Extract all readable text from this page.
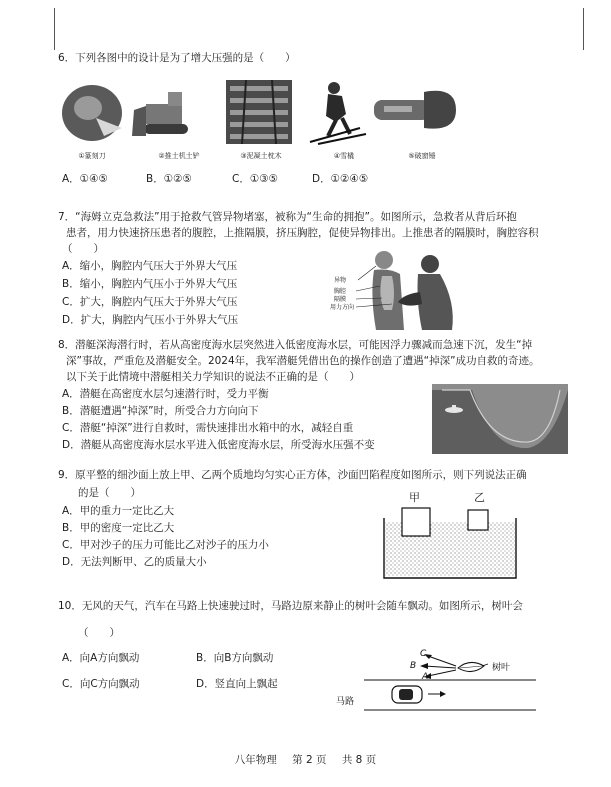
6．下列各图中的设计是为了增大压强的是（　　）
①篆刻刀	②推土机土铲	③泥凝土枕木	④雪橇	⑤破窗锤
A．①④⑤	B．①②⑤	C．①③⑤	D．①②④⑤
7．“海姆立克急救法”用于抢救气管异物堵塞，被称为“生命的拥抱”。如图所示，急救者从背后环抱
患者，用力快速挤压患者的腹腔，上推隔膜，挤压胸腔，促使异物排出。上推患者的隔膜时，胸腔容积
（　　）
A．缩小，胸腔内气压大于外界大气压
B．缩小，胸腔内气压小于外界大气压
C．扩大，胸腔内气压大于外界大气压
D．扩大，胸腔内气压小于外界大气压
异物
胸腔
隔膜
用力方向
8．潜艇深海潜行时，若从高密度海水层突然进入低密度海水层，可能因浮力骤减而急速下沉，发生“掉
深”事故，严重危及潜艇安全。2024年，我军潜艇凭借出色的操作创造了遭遇“掉深”成功自救的奇迹。
以下关于此情境中潜艇相关力学知识的说法不正确的是（　　）
A．潜艇在高密度水层匀速潜行时，受力平衡
B．潜艇遭遇“掉深”时，所受合力方向向下
C．潜艇“掉深”进行自救时，需快速排出水箱中的水，减轻自重
D．潜艇从高密度海水层水平进入低密度海水层，所受海水压强不变
9．原平整的细沙面上放上甲、乙两个质地均匀实心正方体，沙面凹陷程度如图所示，则下列说法正确
的是（　　）
A．甲的重力一定比乙大
B．甲的密度一定比乙大
C．甲对沙子的压力可能比乙对沙子的压力小
D．无法判断甲、乙的质量大小
甲	乙
10．无风的天气，汽车在马路上快速驶过时，马路边原来静止的树叶会随车飘动。如图所示，树叶会
（　　）
A．向A方向飘动	B．向B方向飘动
C．向C方向飘动	D．竖直向上飘起
C
B
A
树叶
马路
八年物理 第 2 页 共 8 页
